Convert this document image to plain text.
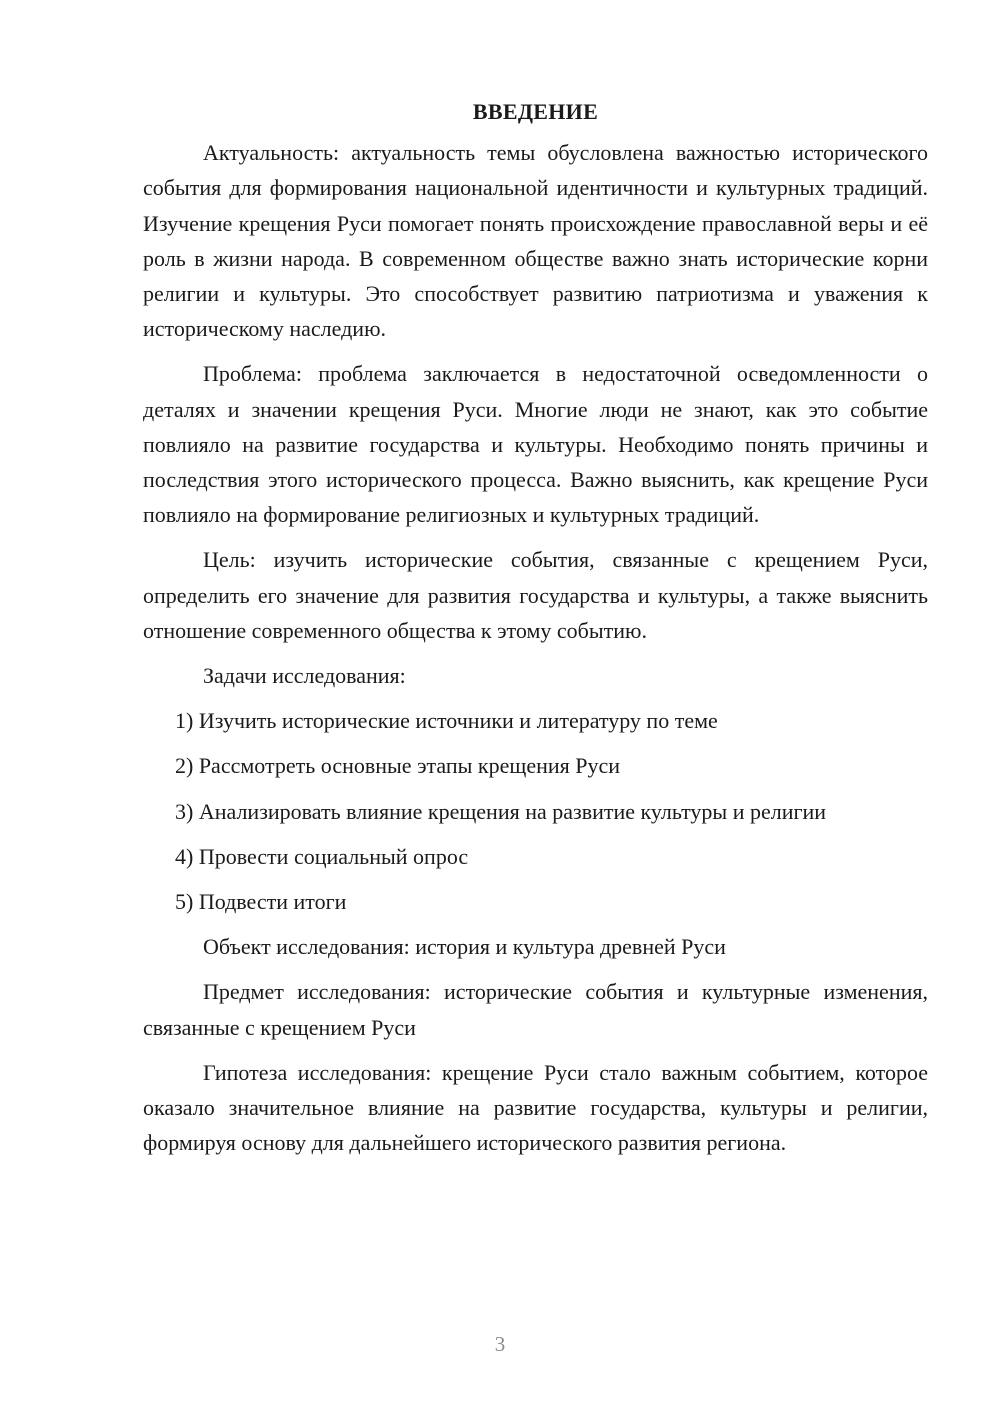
ВВЕДЕНИЕ

Актуальность: актуальность темы обусловлена важностью исторического события для формирования национальной идентичности и культурных традиций. Изучение крещения Руси помогает понять происхождение православной веры и её роль в жизни народа. В современном обществе важно знать исторические корни религии и культуры. Это способствует развитию патриотизма и уважения к историческому наследию.

Проблема: проблема заключается в недостаточной осведомленности о деталях и значении крещения Руси. Многие люди не знают, как это событие повлияло на развитие государства и культуры. Необходимо понять причины и последствия этого исторического процесса. Важно выяснить, как крещение Руси повлияло на формирование религиозных и культурных традиций.

Цель: изучить исторические события, связанные с крещением Руси, определить его значение для развития государства и культуры, а также выяснить отношение современного общества к этому событию.

Задачи исследования:

1) Изучить исторические источники и литературу по теме
2) Рассмотреть основные этапы крещения Руси
3) Анализировать влияние крещения на развитие культуры и религии
4) Провести социальный опрос
5) Подвести итоги

Объект исследования: история и культура древней Руси

Предмет исследования: исторические события и культурные изменения, связанные с крещением Руси

Гипотеза исследования: крещение Руси стало важным событием, которое оказало значительное влияние на развитие государства, культуры и религии, формируя основу для дальнейшего исторического развития региона.

3
